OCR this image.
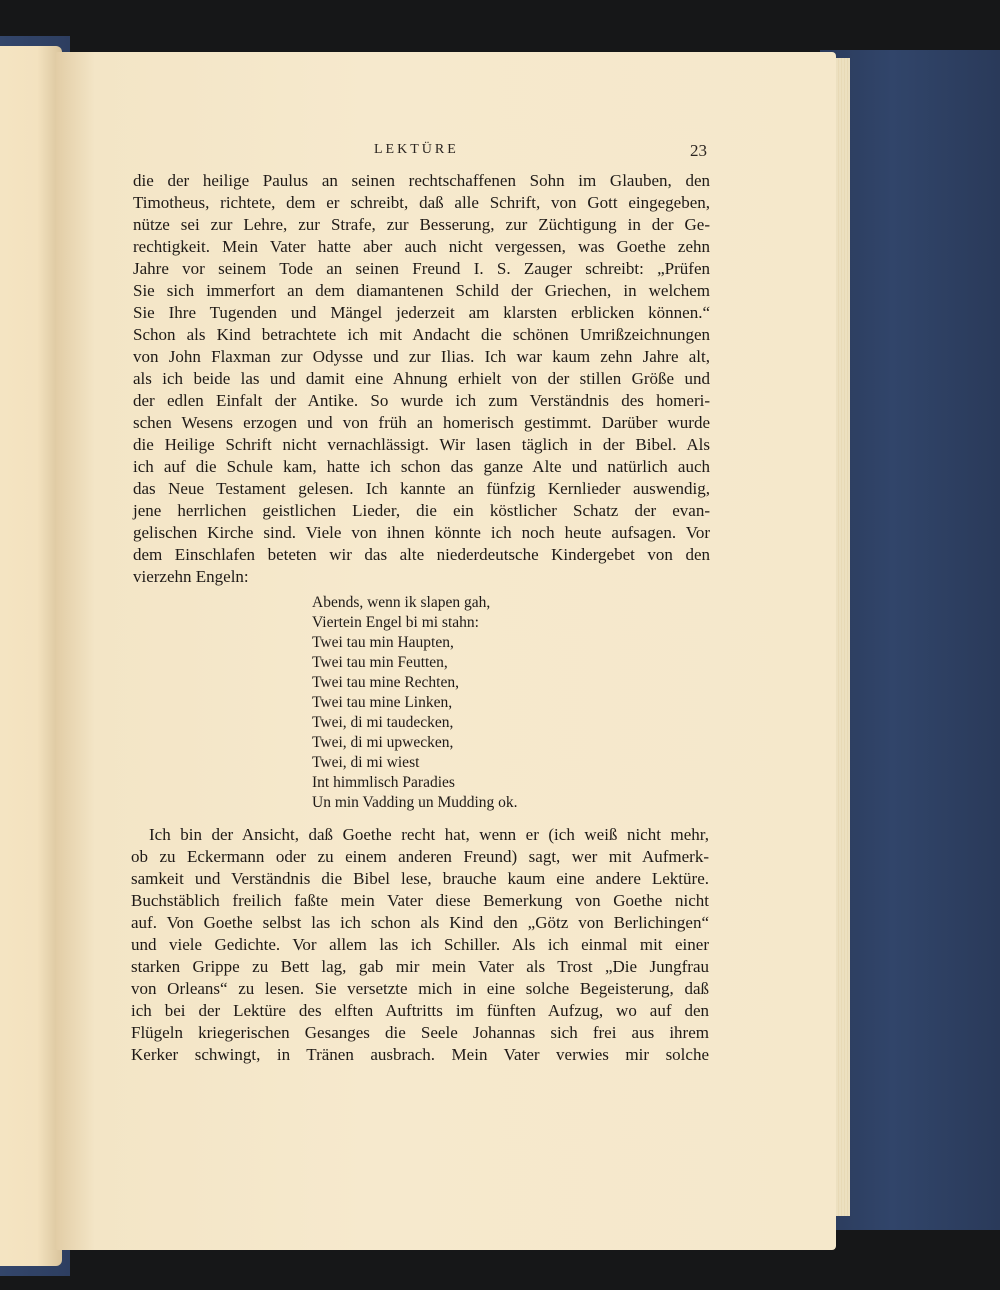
LEKTÜRE	23
die der heilige Paulus an seinen rechtschaffenen Sohn im Glauben, den
Timotheus, richtete, dem er schreibt, daß alle Schrift, von Gott eingegeben,
nütze sei zur Lehre, zur Strafe, zur Besserung, zur Züchtigung in der Ge-
rechtigkeit. Mein Vater hatte aber auch nicht vergessen, was Goethe zehn
Jahre vor seinem Tode an seinen Freund I. S. Zauger schreibt: „Prüfen
Sie sich immerfort an dem diamantenen Schild der Griechen, in welchem
Sie Ihre Tugenden und Mängel jederzeit am klarsten erblicken können.“
Schon als Kind betrachtete ich mit Andacht die schönen Umrißzeichnungen
von John Flaxman zur Odysse und zur Ilias. Ich war kaum zehn Jahre alt,
als ich beide las und damit eine Ahnung erhielt von der stillen Größe und
der edlen Einfalt der Antike. So wurde ich zum Verständnis des homeri-
schen Wesens erzogen und von früh an homerisch gestimmt. Darüber wurde
die Heilige Schrift nicht vernachlässigt. Wir lasen täglich in der Bibel. Als
ich auf die Schule kam, hatte ich schon das ganze Alte und natürlich auch
das Neue Testament gelesen. Ich kannte an fünfzig Kernlieder auswendig,
jene herrlichen geistlichen Lieder, die ein köstlicher Schatz der evan-
gelischen Kirche sind. Viele von ihnen könnte ich noch heute aufsagen. Vor
dem Einschlafen beteten wir das alte niederdeutsche Kindergebet von den
vierzehn Engeln:
Abends, wenn ik slapen gah,
Viertein Engel bi mi stahn:
Twei tau min Haupten,
Twei tau min Feutten,
Twei tau mine Rechten,
Twei tau mine Linken,
Twei, di mi taudecken,
Twei, di mi upwecken,
Twei, di mi wiest
Int himmlisch Paradies
Un min Vadding un Mudding ok.
Ich bin der Ansicht, daß Goethe recht hat, wenn er (ich weiß nicht mehr,
ob zu Eckermann oder zu einem anderen Freund) sagt, wer mit Aufmerk-
samkeit und Verständnis die Bibel lese, brauche kaum eine andere Lektüre.
Buchstäblich freilich faßte mein Vater diese Bemerkung von Goethe nicht
auf. Von Goethe selbst las ich schon als Kind den „Götz von Berlichingen“
und viele Gedichte. Vor allem las ich Schiller. Als ich einmal mit einer
starken Grippe zu Bett lag, gab mir mein Vater als Trost „Die Jungfrau
von Orleans“ zu lesen. Sie versetzte mich in eine solche Begeisterung, daß
ich bei der Lektüre des elften Auftritts im fünften Aufzug, wo auf den
Flügeln kriegerischen Gesanges die Seele Johannas sich frei aus ihrem
Kerker schwingt, in Tränen ausbrach. Mein Vater verwies mir solche
